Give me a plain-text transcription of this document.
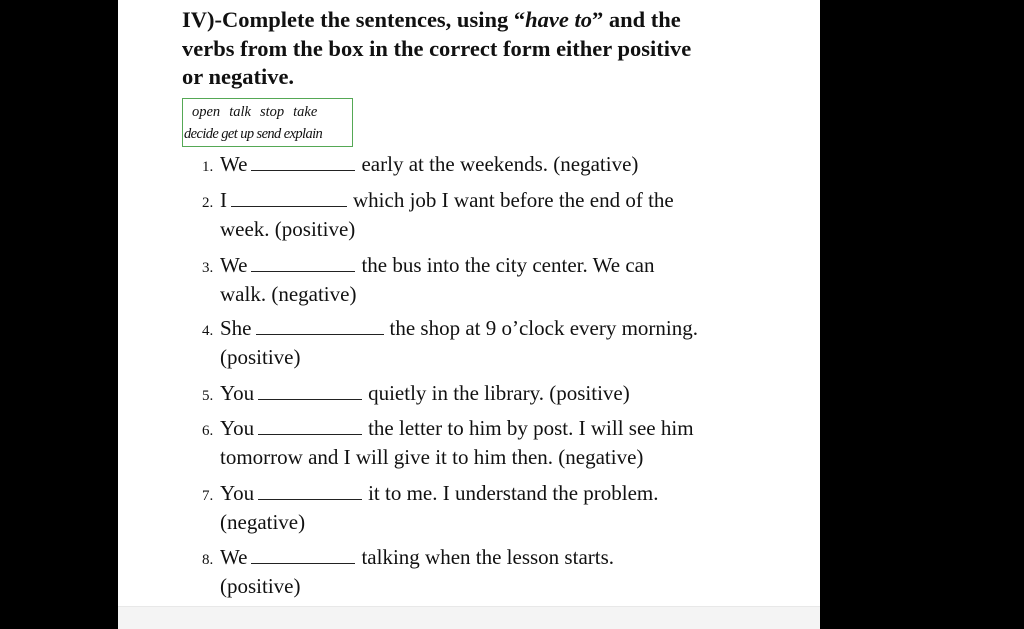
IV)-Complete the sentences, using “have to” and the
verbs from the box in the correct form either positive
or negative.
open talk stop take
decide get up send explain
1. We	early at the weekends. (negative)
2. I	which job I want before the end of the
week. (positive)
3. We	the bus into the city center. We can
walk. (negative)
4. She	the shop at 9 o’clock every morning.
(positive)
5. You	quietly in the library. (positive)
6. You	the letter to him by post. I will see him
tomorrow and I will give it to him then. (negative)
7. You	it to me. I understand the problem.
(negative)
8. We	talking when the lesson starts.
(positive)
